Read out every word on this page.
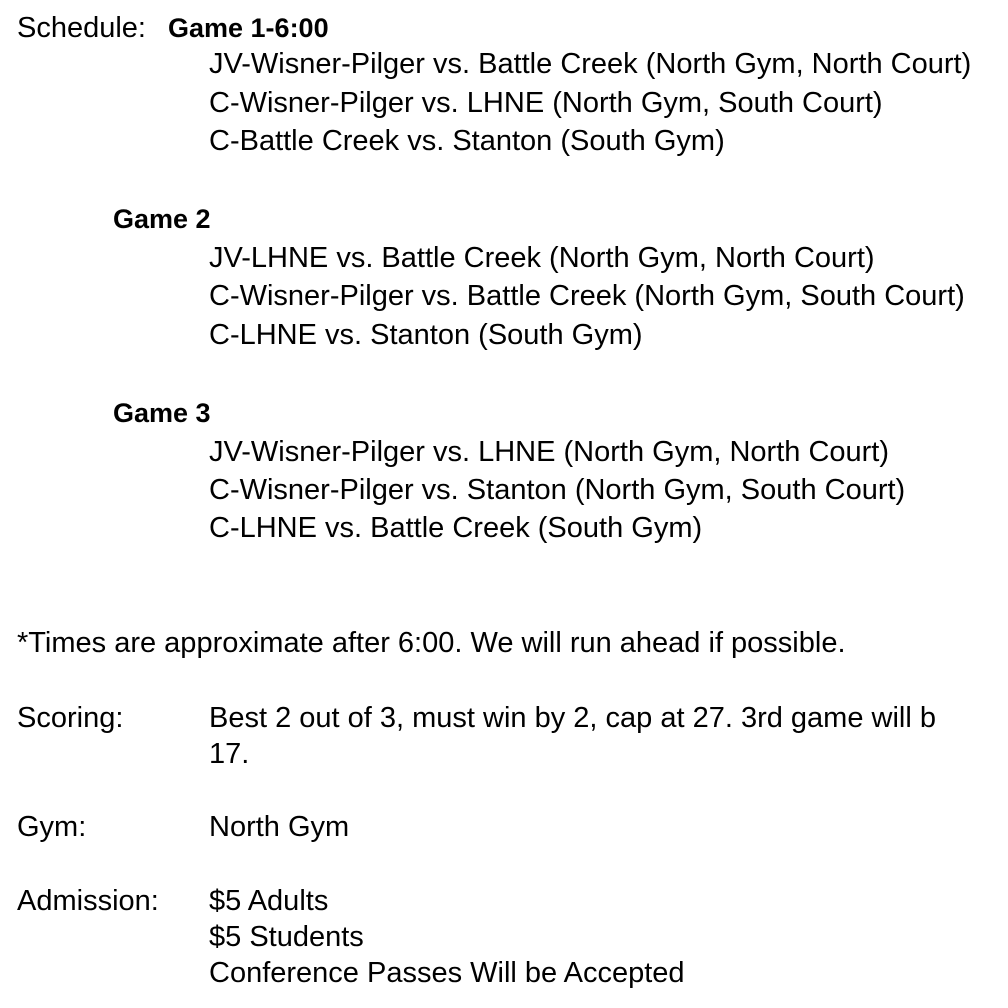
Schedule: Game 1-6:00
JV-Wisner-Pilger vs. Battle Creek (North Gym, North Court)
C-Wisner-Pilger vs. LHNE (North Gym, South Court)
C-Battle Creek vs. Stanton (South Gym)
Game 2
JV-LHNE vs. Battle Creek (North Gym, North Court)
C-Wisner-Pilger vs. Battle Creek (North Gym, South Court)
C-LHNE vs. Stanton (South Gym)
Game 3
JV-Wisner-Pilger vs. LHNE (North Gym, North Court)
C-Wisner-Pilger vs. Stanton (North Gym, South Court)
C-LHNE vs. Battle Creek (South Gym)
*Times are approximate after 6:00. We will run ahead if possible.
Scoring:	Best 2 out of 3, must win by 2, cap at 27. 3rd game will b
17.
Gym:	North Gym
Admission: $5 Adults
$5 Students
Conference Passes Will be Accepted
